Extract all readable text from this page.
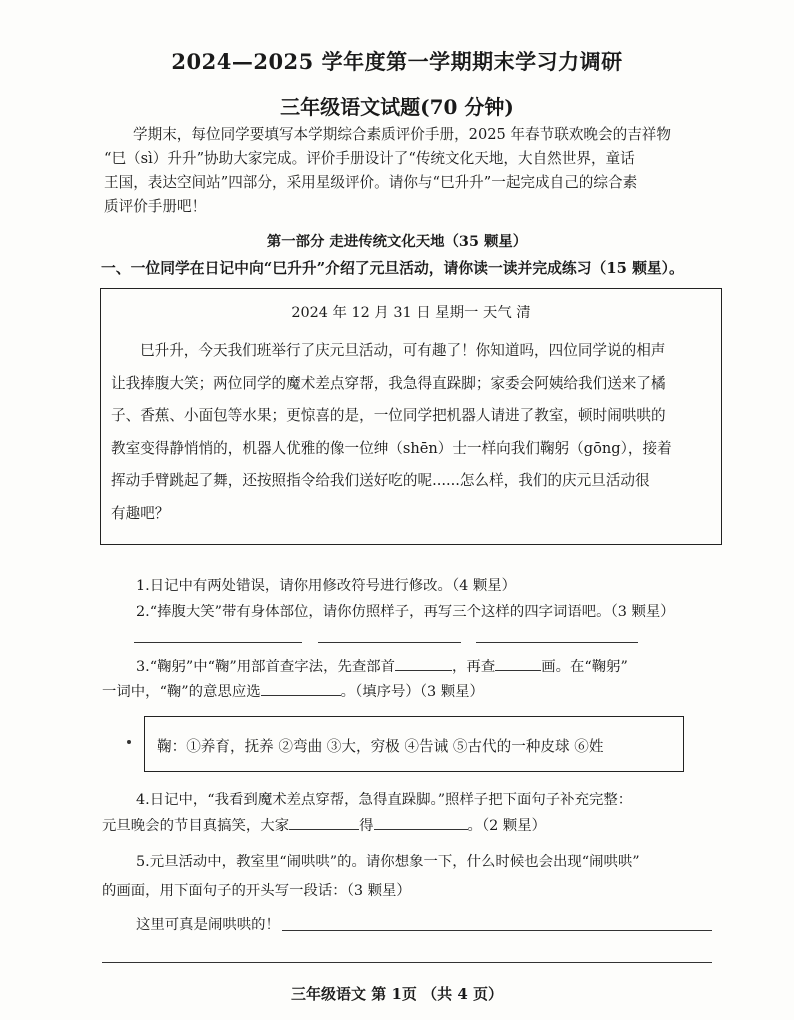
2024—2025 学年度第一学期期末学习力调研
三年级语文试题(70 分钟)
学期末，每位同学要填写本学期综合素质评价手册，2025 年春节联欢晚会的吉祥物
“巳（sì）升升”协助大家完成。评价手册设计了“传统文化天地，大自然世界，童话
王国，表达空间站”四部分，采用星级评价。请你与“巳升升”一起完成自己的综合素
质评价手册吧！
第一部分 走进传统文化天地（35 颗星）
一、一位同学在日记中向“巳升升”介绍了元旦活动，请你读一读并完成练习（15 颗星）。
2024 年 12 月 31 日 星期一 天气 清
巳升升，今天我们班举行了庆元旦活动，可有趣了！你知道吗，四位同学说的相声
让我捧腹大笑；两位同学的魔术差点穿帮，我急得直跺脚；家委会阿姨给我们送来了橘
子、香蕉、小面包等水果；更惊喜的是，一位同学把机器人请进了教室，顿时闹哄哄的
教室变得静悄悄的，机器人优雅的像一位绅（shēn）士一样向我们鞠躬（gōng），接着
挥动手臂跳起了舞，还按照指令给我们送好吃的呢......怎么样，我们的庆元旦活动很
有趣吧？
1.日记中有两处错误，请你用修改符号进行修改。（4 颗星）
2.“捧腹大笑”带有身体部位，请你仿照样子，再写三个这样的四字词语吧。（3 颗星）
3.“鞠躬”中“鞠”用部首查字法，先查部首	，再查	画。在“鞠躬”
一词中，“鞠”的意思应选	。（填序号）（3 颗星）
鞠：①养育，抚养 ②弯曲 ③大，穷极 ④告诫 ⑤古代的一种皮球 ⑥姓
4.日记中，“我看到魔术差点穿帮，急得直跺脚。”照样子把下面句子补充完整：
元旦晚会的节目真搞笑，大家	得	。（2 颗星）
5.元旦活动中，教室里“闹哄哄”的。请你想象一下，什么时候也会出现“闹哄哄”
的画面，用下面句子的开头写一段话：（3 颗星）
这里可真是闹哄哄的！
三年级语文 第 1页 （共 4 页）
